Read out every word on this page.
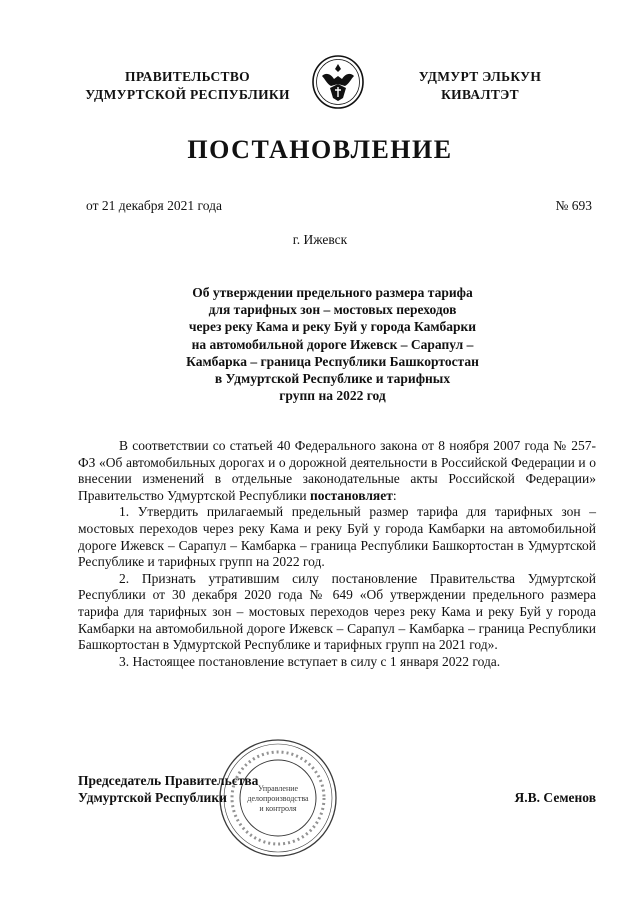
ПРАВИТЕЛЬСТВО
УДМУРТСКОЙ РЕСПУБЛИКИ
УДМУРТ ЭЛЬКУН
КИВАЛТЭТ
ПОСТАНОВЛЕНИЕ
от 21 декабря 2021 года	№ 693
г. Ижевск
Об утверждении предельного размера тарифа
для тарифных зон – мостовых переходов
через реку Кама и реку Буй у города Камбарки
на автомобильной дороге Ижевск – Сарапул –
Камбарка – граница Республики Башкортостан
в Удмуртской Республике и тарифных
групп на 2022 год

В соответствии со статьей 40 Федерального закона от 8 ноября 2007 года № 257-ФЗ «Об автомобильных дорогах и о дорожной деятельности в Российской Федерации и о внесении изменений в отдельные законодательные акты Российской Федерации» Правительство Удмуртской Республики постановляет:

1. Утвердить прилагаемый предельный размер тарифа для тарифных зон – мостовых переходов через реку Кама и реку Буй у города Камбарки на автомобильной дороге Ижевск – Сарапул – Камбарка – граница Республики Башкортостан в Удмуртской Республике и тарифных групп на 2022 год.

2. Признать утратившим силу постановление Правительства Удмуртской Республики от 30 декабря 2020 года № 649 «Об утверждении предельного размера тарифа для тарифных зон – мостовых переходов через реку Кама и реку Буй у города Камбарки на автомобильной дороге Ижевск – Сарапул – Камбарка – граница Республики Башкортостан в Удмуртской Республике и тарифных групп на 2021 год».

3. Настоящее постановление вступает в силу с 1 января 2022 года.

Управление
делопроизводства
и контроля
Председатель Правительства
Удмуртской Республики	Я.В. Семенов
